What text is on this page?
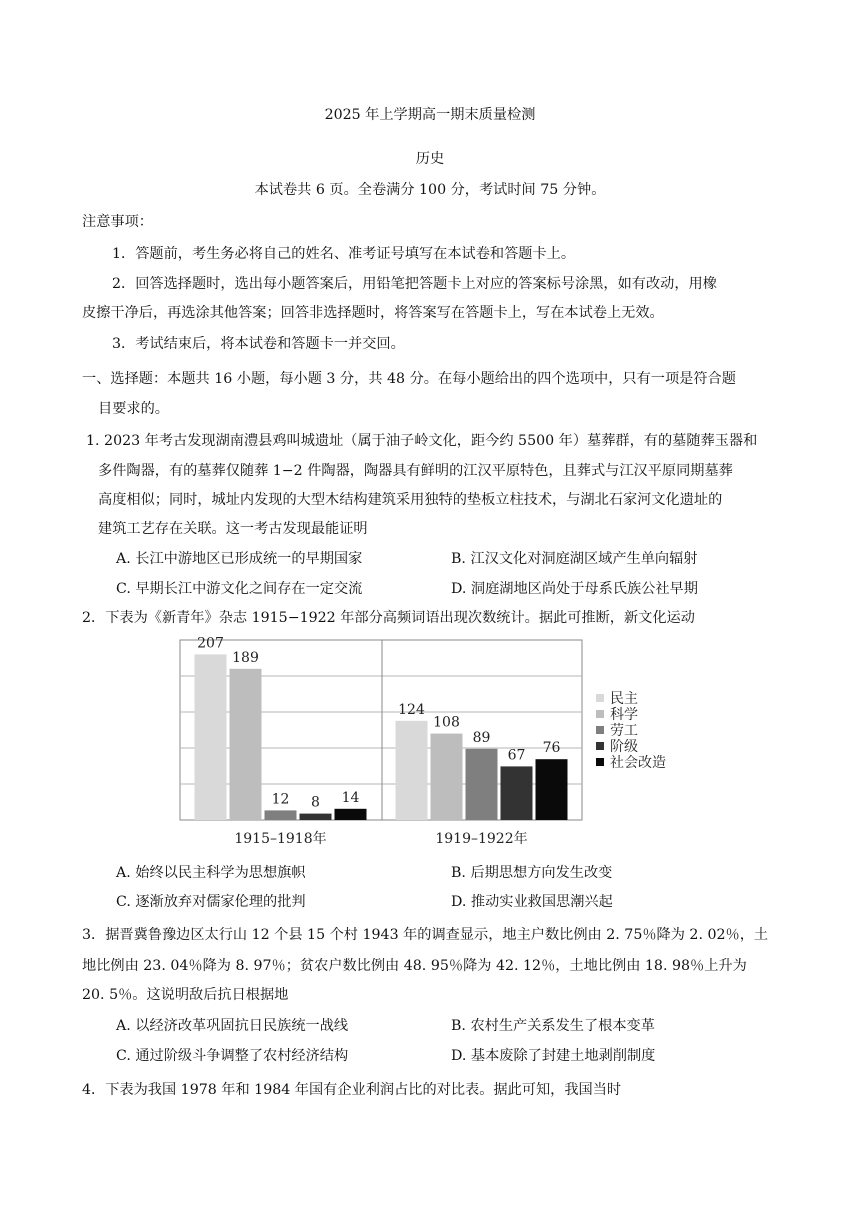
2025 年上学期高一期末质量检测
历史
本试卷共 6 页。全卷满分 100 分，考试时间 75 分钟。
注意事项：
1．答题前，考生务必将自己的姓名、准考证号填写在本试卷和答题卡上。
2．回答选择题时，选出每小题答案后，用铅笔把答题卡上对应的答案标号涂黑，如有改动，用橡
皮擦干净后，再选涂其他答案；回答非选择题时，将答案写在答题卡上，写在本试卷上无效。
3．考试结束后，将本试卷和答题卡一并交回。
一、选择题：本题共 16 小题，每小题 3 分，共 48 分。在每小题给出的四个选项中，只有一项是符合题
目要求的。
1. 2023 年考古发现湖南澧县鸡叫城遗址（属于油子岭文化，距今约 5500 年）墓葬群，有的墓随葬玉器和
多件陶器，有的墓葬仅随葬 1−2 件陶器，陶器具有鲜明的江汉平原特色，且葬式与江汉平原同期墓葬
高度相似；同时，城址内发现的大型木结构建筑采用独特的垫板立柱技术，与湖北石家河文化遗址的
建筑工艺存在关联。这一考古发现最能证明
A. 长江中游地区已形成统一的早期国家	B. 江汉文化对洞庭湖区域产生单向辐射
C. 早期长江中游文化之间存在一定交流	D. 洞庭湖地区尚处于母系氏族公社早期
2．下表为《新青年》杂志 1915−1922 年部分高频词语出现次数统计。据此可推断，新文化运动
207
189
12 8 14
124
108
89
67 76
1915–1918年	1919–1922年
民主
科学
劳工
阶级
社会改造
A. 始终以民主科学为思想旗帜	B. 后期思想方向发生改变
C. 逐渐放弃对儒家伦理的批判	D. 推动实业救国思潮兴起
3．据晋冀鲁豫边区太行山 12 个县 15 个村 1943 年的调查显示，地主户数比例由 2. 75％降为 2. 02％，土
地比例由 23. 04％降为 8. 97％；贫农户数比例由 48. 95％降为 42. 12％，土地比例由 18. 98％上升为
20. 5％。这说明敌后抗日根据地
A. 以经济改革巩固抗日民族统一战线	B. 农村生产关系发生了根本变革
C. 通过阶级斗争调整了农村经济结构	D. 基本废除了封建土地剥削制度
4．下表为我国 1978 年和 1984 年国有企业利润占比的对比表。据此可知，我国当时
